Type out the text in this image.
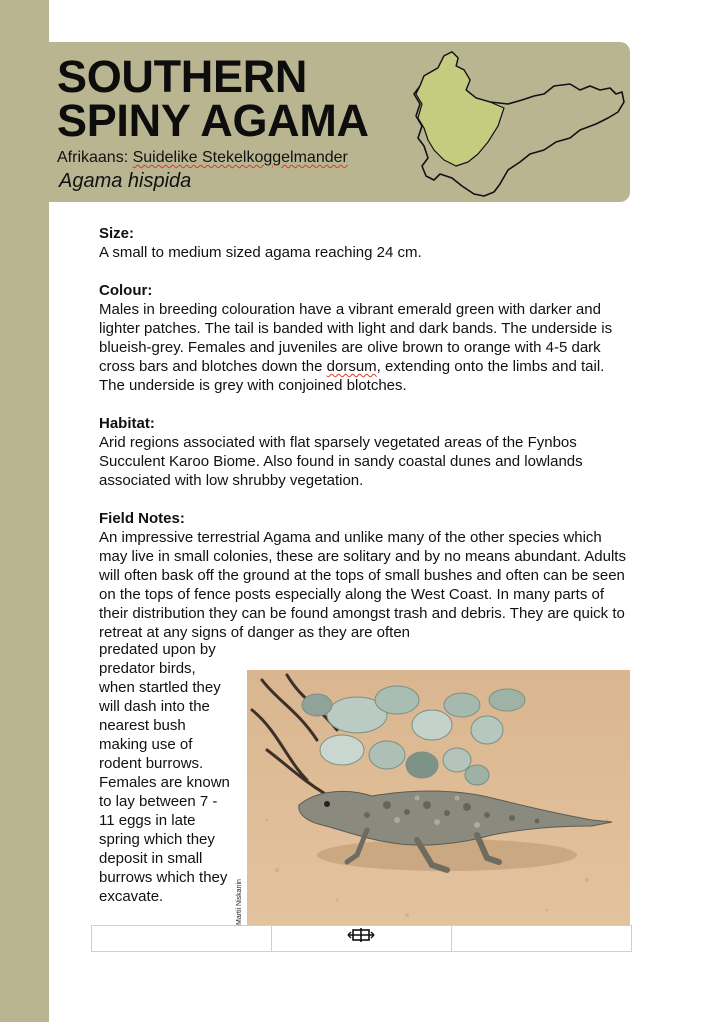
SOUTHERN
SPINY AGAMA
Afrikaans: Suidelike Stekelkoggelmander
Agama hispida
Size:

A small to medium sized agama reaching 24 cm.

Colour:

Males in breeding colouration have a vibrant emerald green with darker and lighter patches. The tail is banded with light and dark bands. The underside is blueish-grey. Females and juveniles are olive brown to orange with 4-5 dark cross bars and blotches down the dorsum, extending onto the limbs and tail. The underside is grey with conjoined blotches.

Habitat:

Arid regions associated with flat sparsely vegetated areas of the Fynbos Succulent Karoo Biome. Also found in sandy coastal dunes and lowlands associated with low shrubby vegetation.

Field Notes:

An impressive terrestrial Agama and unlike many of the other species which may live in small colonies, these are solitary and by no means abundant. Adults will often bask off the ground at the tops of small bushes and often can be seen on the tops of fence posts especially along the West Coast. In many parts of their distribution they can be found amongst trash and debris. They are quick to retreat at any signs of danger as they are often

predated upon by predator birds, when startled they will dash into the nearest bush making use of rodent burrows. Females are known to lay between 7 - 11 eggs in late spring which they deposit in small burrows which they excavate.	Martii Niskanin
